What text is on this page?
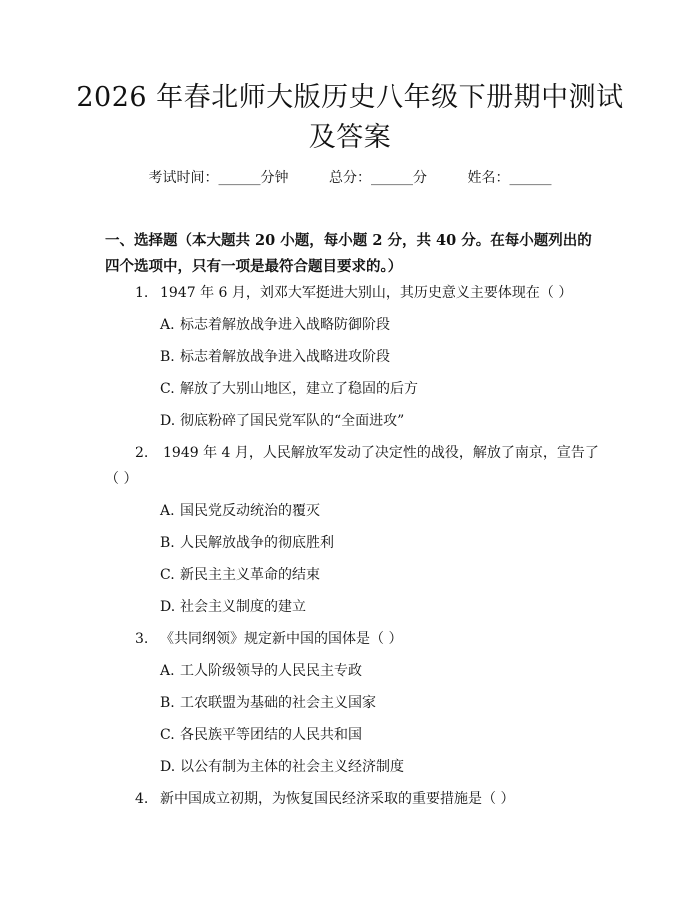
2026 年春北师大版历史八年级下册期中测试及答案
考试时间：______分钟	总分：______分	姓名：______
一、选择题（本大题共 20 小题，每小题 2 分，共 40 分。在每小题列出的四个选项中，只有一项是最符合题目要求的。）
1. 1947 年 6 月，刘邓大军挺进大别山，其历史意义主要体现在（ ）
A. 标志着解放战争进入战略防御阶段
B. 标志着解放战争进入战略进攻阶段
C. 解放了大别山地区，建立了稳固的后方
D. 彻底粉碎了国民党军队的“全面进攻”
2. 1949 年 4 月，人民解放军发动了决定性的战役，解放了南京，宣告了（ ）
A. 国民党反动统治的覆灭
B. 人民解放战争的彻底胜利
C. 新民主主义革命的结束
D. 社会主义制度的建立
3. 《共同纲领》规定新中国的国体是（ ）
A. 工人阶级领导的人民民主专政
B. 工农联盟为基础的社会主义国家
C. 各民族平等团结的人民共和国
D. 以公有制为主体的社会主义经济制度
4. 新中国成立初期，为恢复国民经济采取的重要措施是（ ）
